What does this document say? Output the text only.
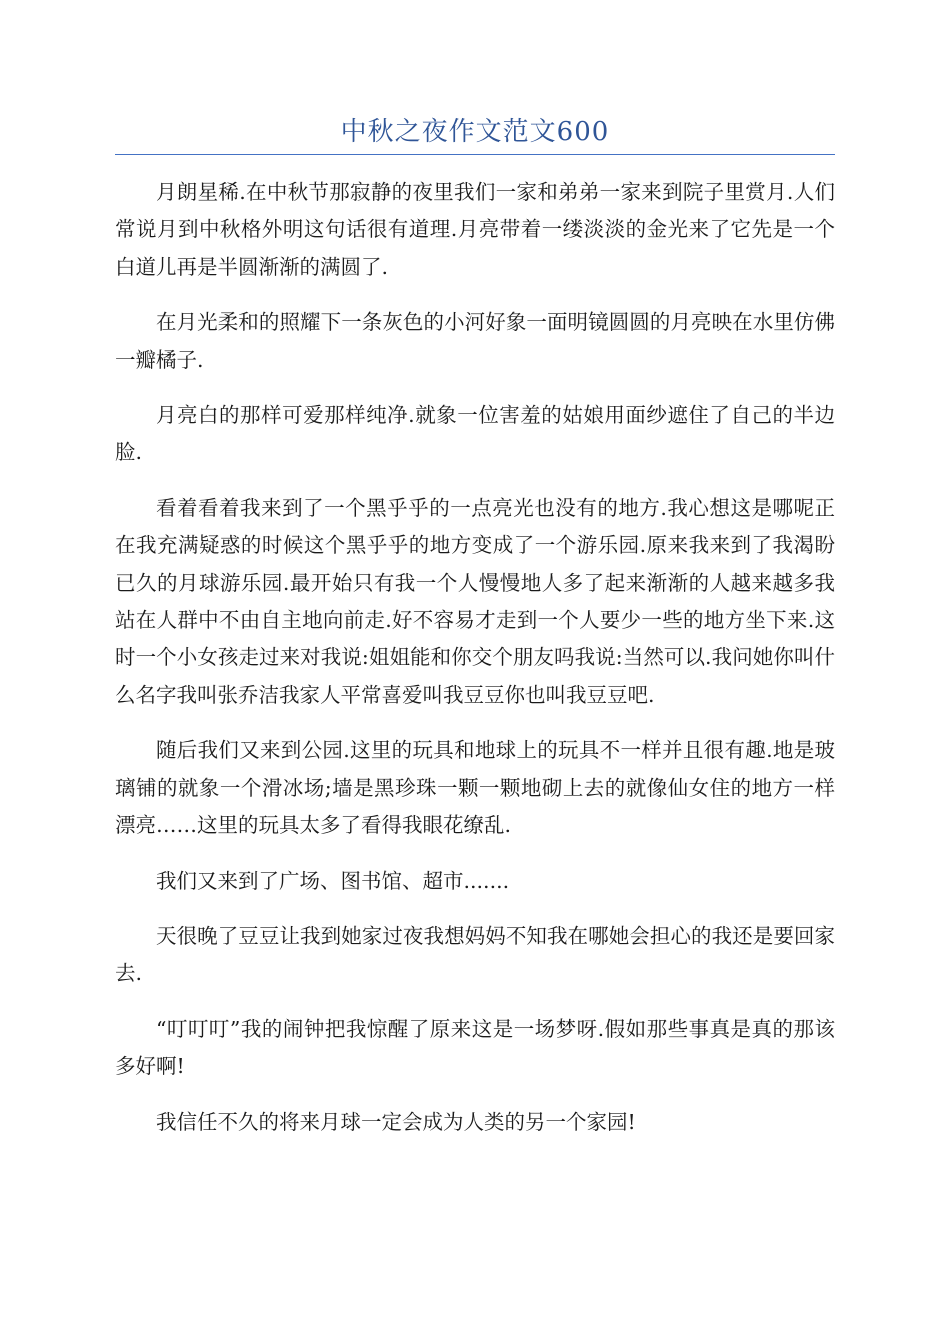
中秋之夜作文范文600

月朗星稀.在中秋节那寂静的夜里我们一家和弟弟一家来到院子里赏月.人们常说月到中秋格外明这句话很有道理.月亮带着一缕淡淡的金光来了它先是一个白道儿再是半圆渐渐的满圆了.

在月光柔和的照耀下一条灰色的小河好象一面明镜圆圆的月亮映在水里仿佛一瓣橘子.

月亮白的那样可爱那样纯净.就象一位害羞的姑娘用面纱遮住了自己的半边脸.

看着看着我来到了一个黑乎乎的一点亮光也没有的地方.我心想这是哪呢正在我充满疑惑的时候这个黑乎乎的地方变成了一个游乐园.原来我来到了我渴盼已久的月球游乐园.最开始只有我一个人慢慢地人多了起来渐渐的人越来越多我站在人群中不由自主地向前走.好不容易才走到一个人要少一些的地方坐下来.这时一个小女孩走过来对我说:姐姐能和你交个朋友吗我说:当然可以.我问她你叫什么名字我叫张乔洁我家人平常喜爱叫我豆豆你也叫我豆豆吧.

随后我们又来到公园.这里的玩具和地球上的玩具不一样并且很有趣.地是玻璃铺的就象一个滑冰场;墙是黑珍珠一颗一颗地砌上去的就像仙女住的地方一样漂亮……这里的玩具太多了看得我眼花缭乱.

我们又来到了广场、图书馆、超市.......

天很晚了豆豆让我到她家过夜我想妈妈不知我在哪她会担心的我还是要回家去.

“叮叮叮”我的闹钟把我惊醒了原来这是一场梦呀.假如那些事真是真的那该多好啊!

我信任不久的将来月球一定会成为人类的另一个家园!
